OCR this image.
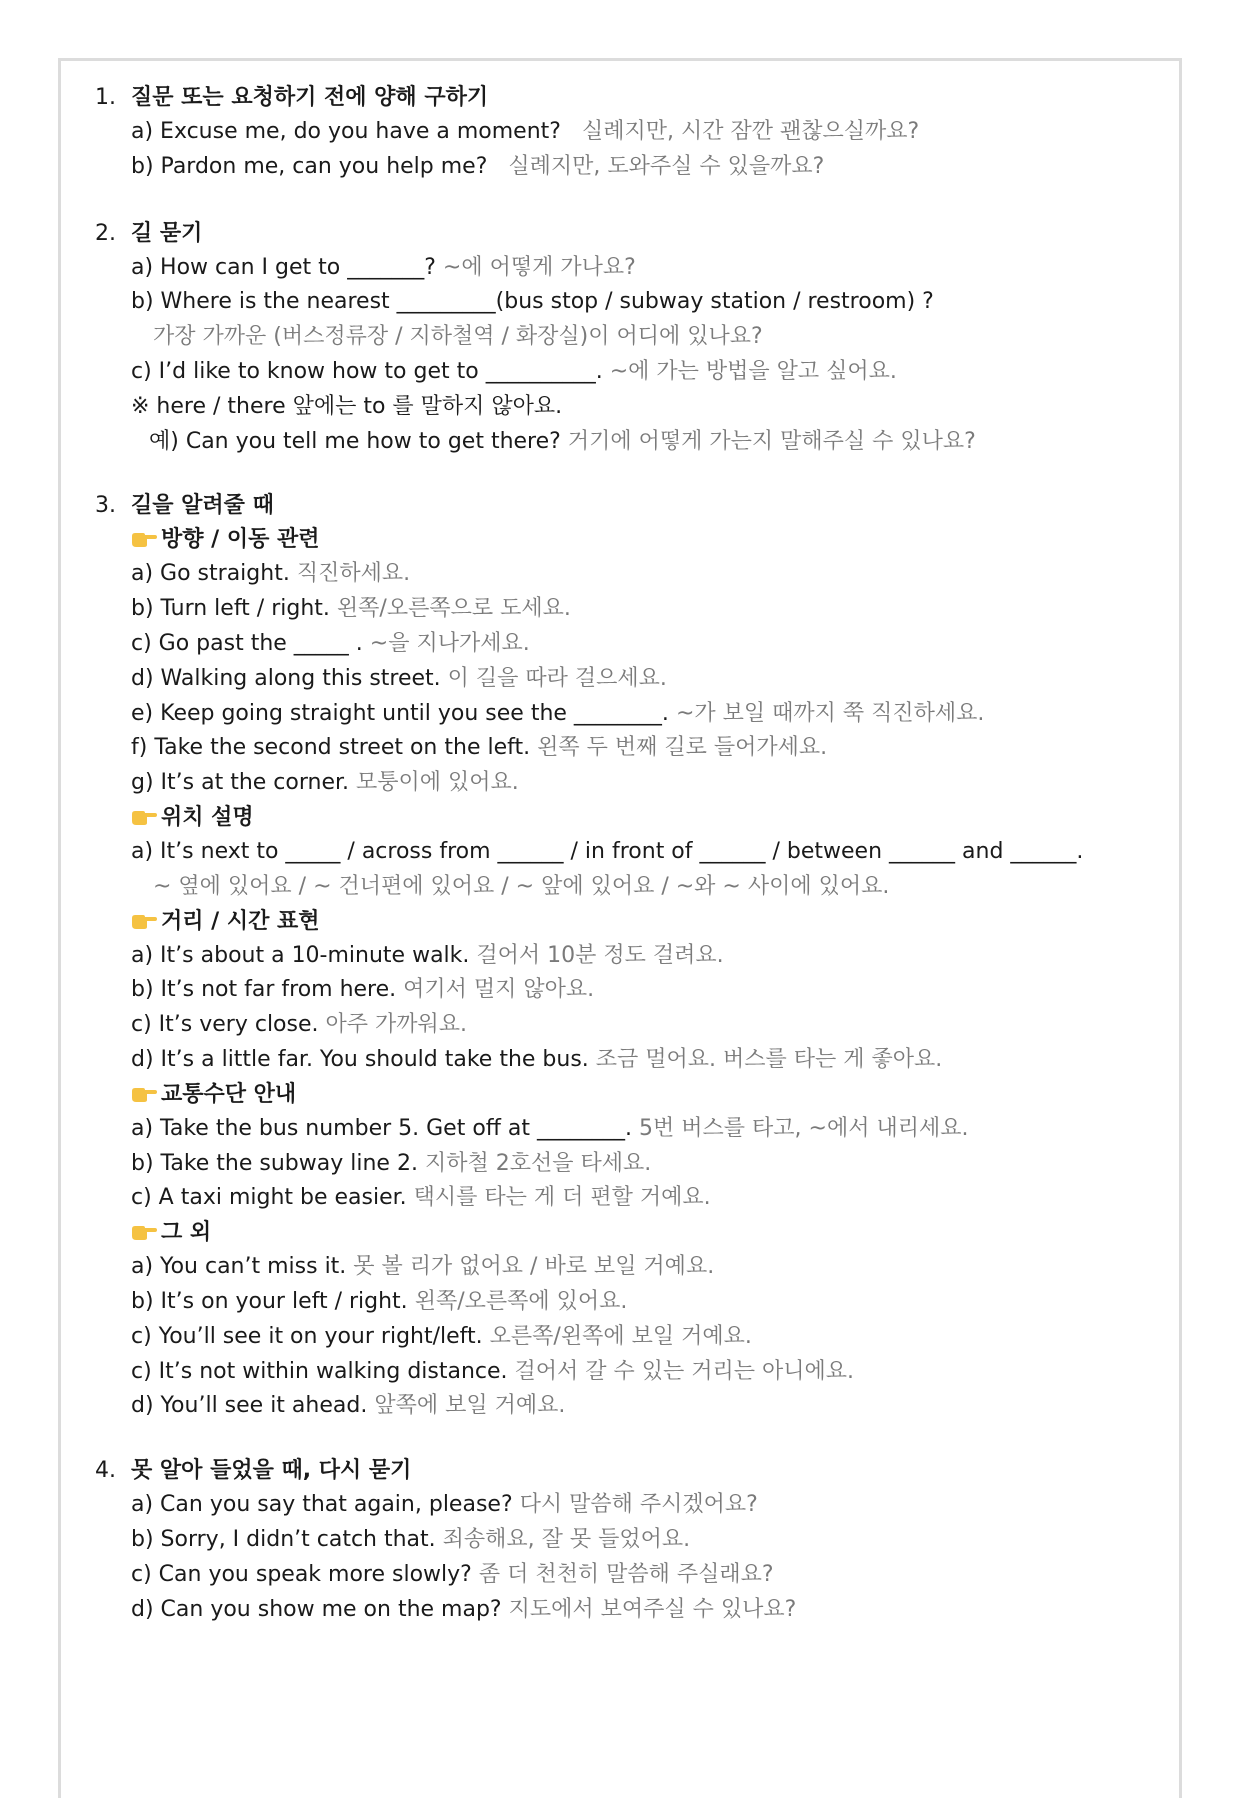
1. 질문 또는 요청하기 전에 양해 구하기
a) Excuse me, do you have a moment? 실례지만, 시간 잠깐 괜찮으실까요?
b) Pardon me, can you help me? 실례지만, 도와주실 수 있을까요?
2. 길 묻기
a) How can I get to _______? ~에 어떻게 가나요?
b) Where is the nearest _________(bus stop / subway station / restroom) ?
가장 가까운 (버스정류장 / 지하철역 / 화장실)이 어디에 있나요?
c) I’d like to know how to get to __________. ~에 가는 방법을 알고 싶어요.
※ here / there 앞에는 to 를 말하지 않아요.
예) Can you tell me how to get there? 거기에 어떻게 가는지 말해주실 수 있나요?
3. 길을 알려줄 때
방향 / 이동 관련
a) Go straight. 직진하세요.
b) Turn left / right. 왼쪽/오른쪽으로 도세요.
c) Go past the _____ . ~을 지나가세요.
d) Walking along this street. 이 길을 따라 걸으세요.
e) Keep going straight until you see the ________. ~가 보일 때까지 쭉 직진하세요.
f) Take the second street on the left. 왼쪽 두 번째 길로 들어가세요.
g) It’s at the corner. 모퉁이에 있어요.
위치 설명
a) It’s next to _____ / across from ______ / in front of ______ / between ______ and ______.
~ 옆에 있어요 / ~ 건너편에 있어요 / ~ 앞에 있어요 / ~와 ~ 사이에 있어요.
거리 / 시간 표현
a) It’s about a 10-minute walk. 걸어서 10분 정도 걸려요.
b) It’s not far from here. 여기서 멀지 않아요.
c) It’s very close. 아주 가까워요.
d) It’s a little far. You should take the bus. 조금 멀어요. 버스를 타는 게 좋아요.
교통수단 안내
a) Take the bus number 5. Get off at ________. 5번 버스를 타고, ~에서 내리세요.
b) Take the subway line 2. 지하철 2호선을 타세요.
c) A taxi might be easier. 택시를 타는 게 더 편할 거예요.
그 외
a) You can’t miss it. 못 볼 리가 없어요 / 바로 보일 거예요.
b) It’s on your left / right. 왼쪽/오른쪽에 있어요.
c) You’ll see it on your right/left. 오른쪽/왼쪽에 보일 거예요.
c) It’s not within walking distance. 걸어서 갈 수 있는 거리는 아니에요.
d) You’ll see it ahead. 앞쪽에 보일 거예요.
4. 못 알아 들었을 때, 다시 묻기
a) Can you say that again, please? 다시 말씀해 주시겠어요?
b) Sorry, I didn’t catch that. 죄송해요, 잘 못 들었어요.
c) Can you speak more slowly? 좀 더 천천히 말씀해 주실래요?
d) Can you show me on the map? 지도에서 보여주실 수 있나요?
